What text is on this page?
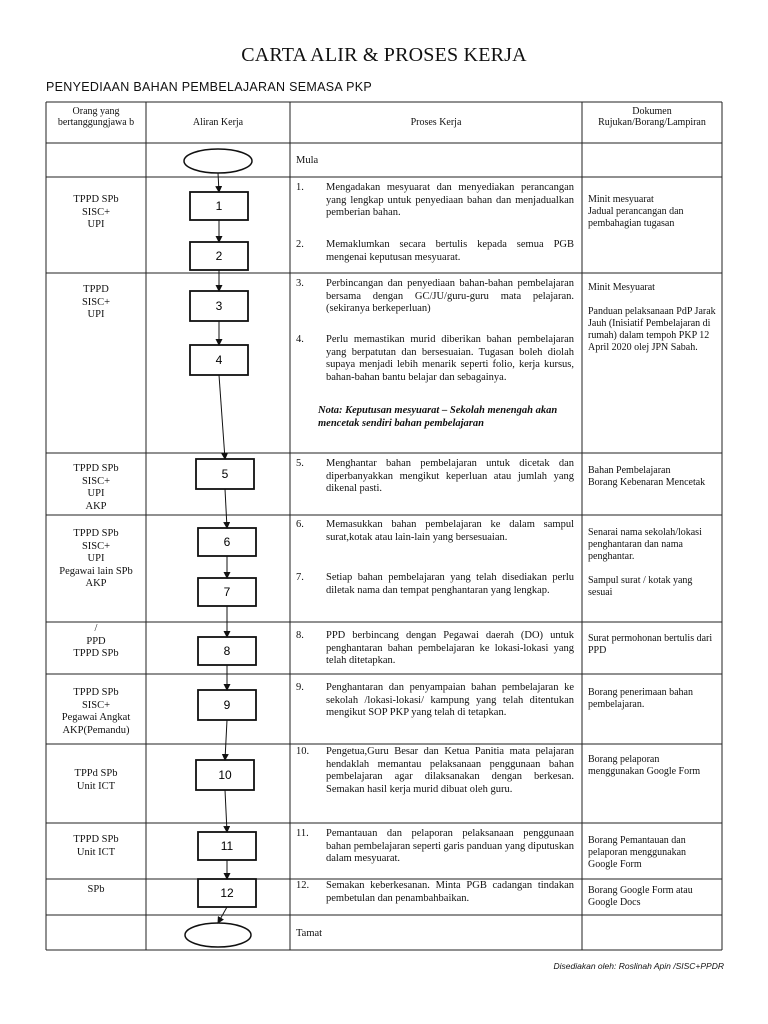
CARTA ALIR & PROSES KERJA
PENYEDIAAN BAHAN PEMBELAJARAN SEMASA PKP
1
2
3
4
5
6
7
8
9
10
11
12
Orang yang bertanggungjawa b	Aliran Kerja	Proses Kerja
Dokumen Rujukan/Borang/Lampiran
Mula
Tamat
TPPD SPb
SISC+
UPI
TPPD
SISC+
UPI
TPPD SPb
SISC+
UPI
AKP
TPPD SPb
SISC+
UPI
Pegawai lain SPb
AKP
/
PPD
TPPD SPb
TPPD SPb
SISC+
Pegawai Angkat
AKP(Pemandu)
TPPd SPb
Unit ICT
TPPD SPb
Unit ICT
SPb
1. Mengadakan mesyuarat dan menyediakan perancangan yang lengkap untuk penyediaan bahan dan menjadualkan pemberian bahan.
2. Memaklumkan secara bertulis kepada semua PGB mengenai keputusan mesyuarat.
3. Perbincangan dan penyediaan bahan-bahan pembelajaran bersama dengan GC/JU/guru-guru mata pelajaran.(sekiranya berkeperluan)
4. Perlu memastikan murid diberikan bahan pembelajaran yang berpatutan dan bersesuaian. Tugasan boleh diolah supaya menjadi lebih menarik seperti folio, kerja kursus, bahan-bahan bantu belajar dan sebagainya.
Nota: Keputusan mesyuarat – Sekolah menengah akan mencetak sendiri bahan pembelajaran
5. Menghantar bahan pembelajaran untuk dicetak dan diperbanyakkan mengikut keperluan atau jumlah yang dikenal pasti.
6. Memasukkan bahan pembelajaran ke dalam sampul surat,kotak atau lain-lain yang bersesuaian.
7. Setiap bahan pembelajaran yang telah disediakan perlu diletak nama dan tempat penghantaran yang lengkap.
8. PPD berbincang dengan Pegawai daerah (DO) untuk penghantaran bahan pembelajaran ke lokasi-lokasi yang telah ditetapkan.
9. Penghantaran dan penyampaian bahan pembelajaran ke sekolah /lokasi-lokasi/ kampung yang telah ditentukan mengikut SOP PKP yang telah di tetapkan.
10. Pengetua,Guru Besar dan Ketua Panitia mata pelajaran hendaklah memantau pelaksanaan penggunaan bahan pembelajaran agar dilaksanakan dengan berkesan. Semakan hasil kerja murid dibuat oleh guru.
11. Pemantauan dan pelaporan pelaksanaan penggunaan bahan pembelajaran seperti garis panduan yang diputuskan dalam mesyuarat.
12. Semakan keberkesanan. Minta PGB cadangan tindakan pembetulan dan penambahbaikan.
Minit mesyuarat
Jadual perancangan dan pembahagian tugasan
Minit Mesyuarat

Panduan pelaksanaan PdP Jarak Jauh (Inisiatif Pembelajaran di rumah) dalam tempoh PKP 12 April 2020 olej JPN Sabah.
Bahan Pembelajaran
Borang Kebenaran Mencetak
Senarai nama sekolah/lokasi penghantaran dan nama penghantar.

Sampul surat / kotak yang sesuai
Surat permohonan bertulis dari PPD
Borang penerimaan bahan pembelajaran.
Borang pelaporan menggunakan Google Form
Borang Pemantauan dan pelaporan menggunakan Google Form
Borang Google Form atau Google Docs
Disediakan oleh: Roslinah Apin /SISC+PPDR
